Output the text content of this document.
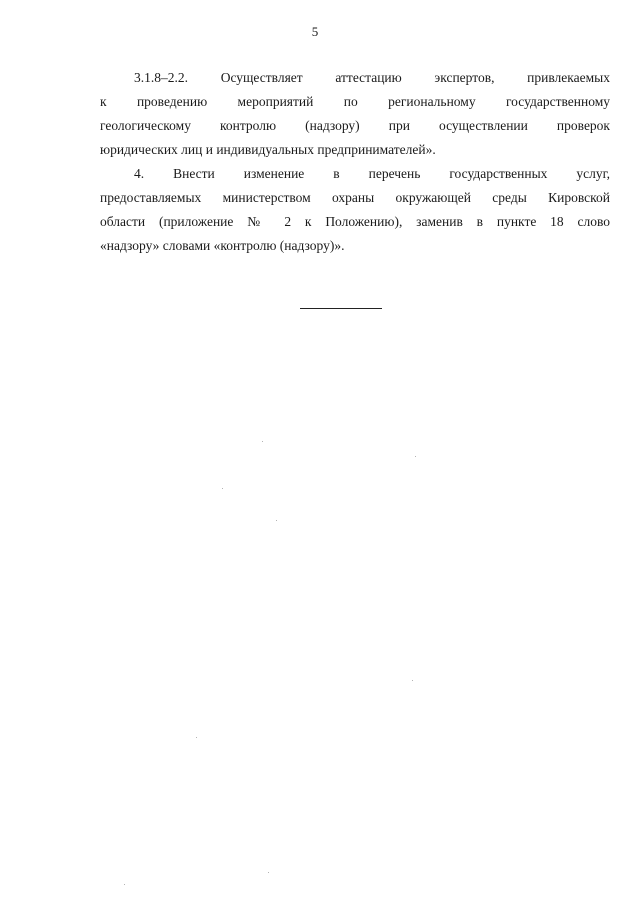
5
3.1.8–2.2. Осуществляет аттестацию экспертов, привлекаемых
к проведению мероприятий по региональному государственному
геологическому контролю (надзору) при осуществлении проверок
юридических лиц и индивидуальных предпринимателей».
4. Внести изменение в перечень государственных услуг,
предоставляемых министерством охраны окружающей среды Кировской
области (приложение № 2 к Положению), заменив в пункте 18 слово
«надзору» словами «контролю (надзору)».
